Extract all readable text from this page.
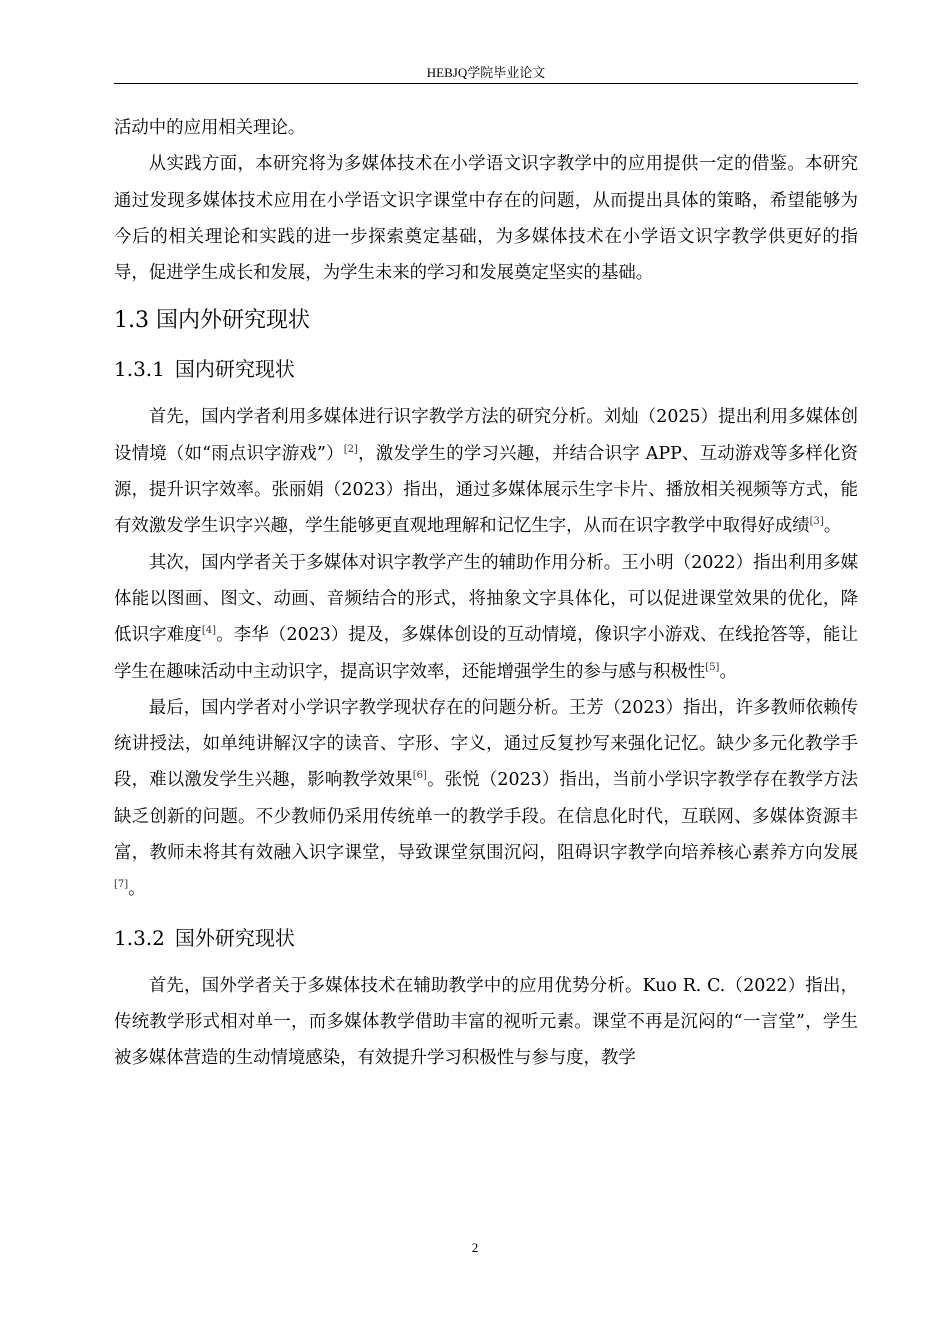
HEBJQ学院毕业论文

活动中的应用相关理论。

从实践方面，本研究将为多媒体技术在小学语文识字教学中的应用提供一定的借鉴。本研究通过发现多媒体技术应用在小学语文识字课堂中存在的问题，从而提出具体的策略，希望能够为今后的相关理论和实践的进一步探索奠定基础，为多媒体技术在小学语文识字教学供更好的指导，促进学生成长和发展，为学生未来的学习和发展奠定坚实的基础。

1.3 国内外研究现状
1.3.1 国内研究现状

首先，国内学者利用多媒体进行识字教学方法的研究分析。刘灿（2025）提出利用多媒体创设情境（如“雨点识字游戏”）[2]，激发学生的学习兴趣，并结合识字 APP、互动游戏等多样化资源，提升识字效率。张丽娟（2023）指出，通过多媒体展示生字卡片、播放相关视频等方式，能有效激发学生识字兴趣，学生能够更直观地理解和记忆生字，从而在识字教学中取得好成绩[3]。

其次，国内学者关于多媒体对识字教学产生的辅助作用分析。王小明（2022）指出利用多媒体能以图画、图文、动画、音频结合的形式，将抽象文字具体化，可以促进课堂效果的优化，降低识字难度[4]。李华（2023）提及，多媒体创设的互动情境，像识字小游戏、在线抢答等，能让学生在趣味活动中主动识字，提高识字效率，还能增强学生的参与感与积极性[5]。

最后，国内学者对小学识字教学现状存在的问题分析。王芳（2023）指出，许多教师依赖传统讲授法，如单纯讲解汉字的读音、字形、字义，通过反复抄写来强化记忆。缺少多元化教学手段，难以激发学生兴趣，影响教学效果[6]。张悦（2023）指出，当前小学识字教学存在教学方法缺乏创新的问题。不少教师仍采用传统单一的教学手段。在信息化时代，互联网、多媒体资源丰富，教师未将其有效融入识字课堂，导致课堂氛围沉闷，阻碍识字教学向培养核心素养方向发展[7]。

1.3.2 国外研究现状

首先，国外学者关于多媒体技术在辅助教学中的应用优势分析。Kuo R. C.（2022）指出，传统教学形式相对单一，而多媒体教学借助丰富的视听元素。课堂不再是沉闷的“一言堂”，学生被多媒体营造的生动情境感染，有效提升学习积极性与参与度，教学

2
